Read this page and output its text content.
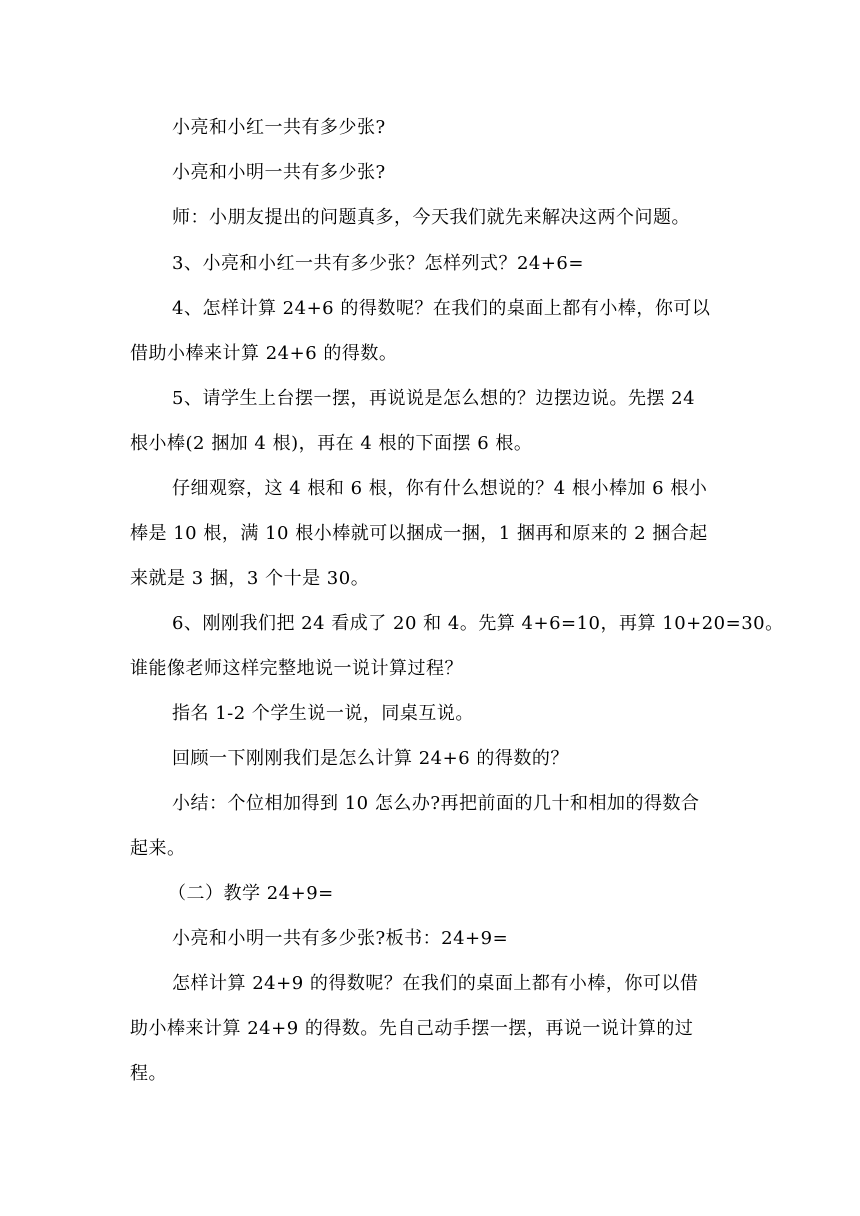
小亮和小红一共有多少张?
小亮和小明一共有多少张?
师：小朋友提出的问题真多，今天我们就先来解决这两个问题。
3、小亮和小红一共有多少张？怎样列式？24+6=
4、怎样计算 24+6 的得数呢？在我们的桌面上都有小棒，你可以
借助小棒来计算 24+6 的得数。
5、请学生上台摆一摆，再说说是怎么想的？边摆边说。先摆 24
根小棒(2 捆加 4 根)，再在 4 根的下面摆 6 根。
仔细观察，这 4 根和 6 根，你有什么想说的？4 根小棒加 6 根小
棒是 10 根，满 10 根小棒就可以捆成一捆，1 捆再和原来的 2 捆合起
来就是 3 捆，3 个十是 30。
6、刚刚我们把 24 看成了 20 和 4。先算 4+6=10，再算 10+20=30。
谁能像老师这样完整地说一说计算过程？
指名 1-2 个学生说一说，同桌互说。
回顾一下刚刚我们是怎么计算 24+6 的得数的？
小结：个位相加得到 10 怎么办?再把前面的几十和相加的得数合
起来。
（二）教学 24+9=
小亮和小明一共有多少张?板书：24+9=
怎样计算 24+9 的得数呢？在我们的桌面上都有小棒，你可以借
助小棒来计算 24+9 的得数。先自己动手摆一摆，再说一说计算的过
程。
